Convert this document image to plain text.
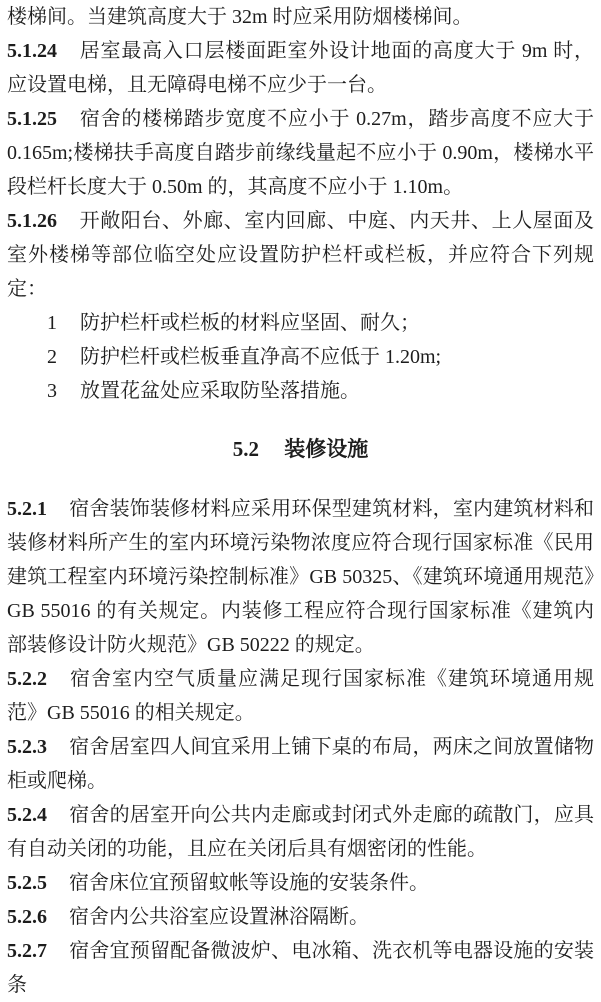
楼梯间。当建筑高度大于 32m 时应采用防烟楼梯间。

5.1.24 居室最高入口层楼面距室外设计地面的高度大于 9m 时，应设置电梯，且无障碍电梯不应少于一台。

5.1.25 宿舍的楼梯踏步宽度不应小于 0.27m，踏步高度不应大于 0.165m;楼梯扶手高度自踏步前缘线量起不应小于 0.90m，楼梯水平段栏杆长度大于 0.50m 的，其高度不应小于 1.10m。

5.1.26 开敞阳台、外廊、室内回廊、中庭、内天井、上人屋面及室外楼梯等部位临空处应设置防护栏杆或栏板，并应符合下列规定：

1 防护栏杆或栏板的材料应坚固、耐久；

2 防护栏杆或栏板垂直净高不应低于 1.20m;

3 放置花盆处应采取防坠落措施。

5.2 装修设施

5.2.1 宿舍装饰装修材料应采用环保型建筑材料，室内建筑材料和装修材料所产生的室内环境污染物浓度应符合现行国家标准《民用建筑工程室内环境污染控制标准》GB 50325、《建筑环境通用规范》GB 55016 的有关规定。内装修工程应符合现行国家标准《建筑内部装修设计防火规范》GB 50222 的规定。

5.2.2 宿舍室内空气质量应满足现行国家标准《建筑环境通用规范》GB 55016 的相关规定。

5.2.3 宿舍居室四人间宜采用上铺下桌的布局，两床之间放置储物柜或爬梯。

5.2.4 宿舍的居室开向公共内走廊或封闭式外走廊的疏散门，应具有自动关闭的功能，且应在关闭后具有烟密闭的性能。

5.2.5 宿舍床位宜预留蚊帐等设施的安装条件。

5.2.6 宿舍内公共浴室应设置淋浴隔断。

5.2.7 宿舍宜预留配备微波炉、电冰箱、洗衣机等电器设施的安装条
